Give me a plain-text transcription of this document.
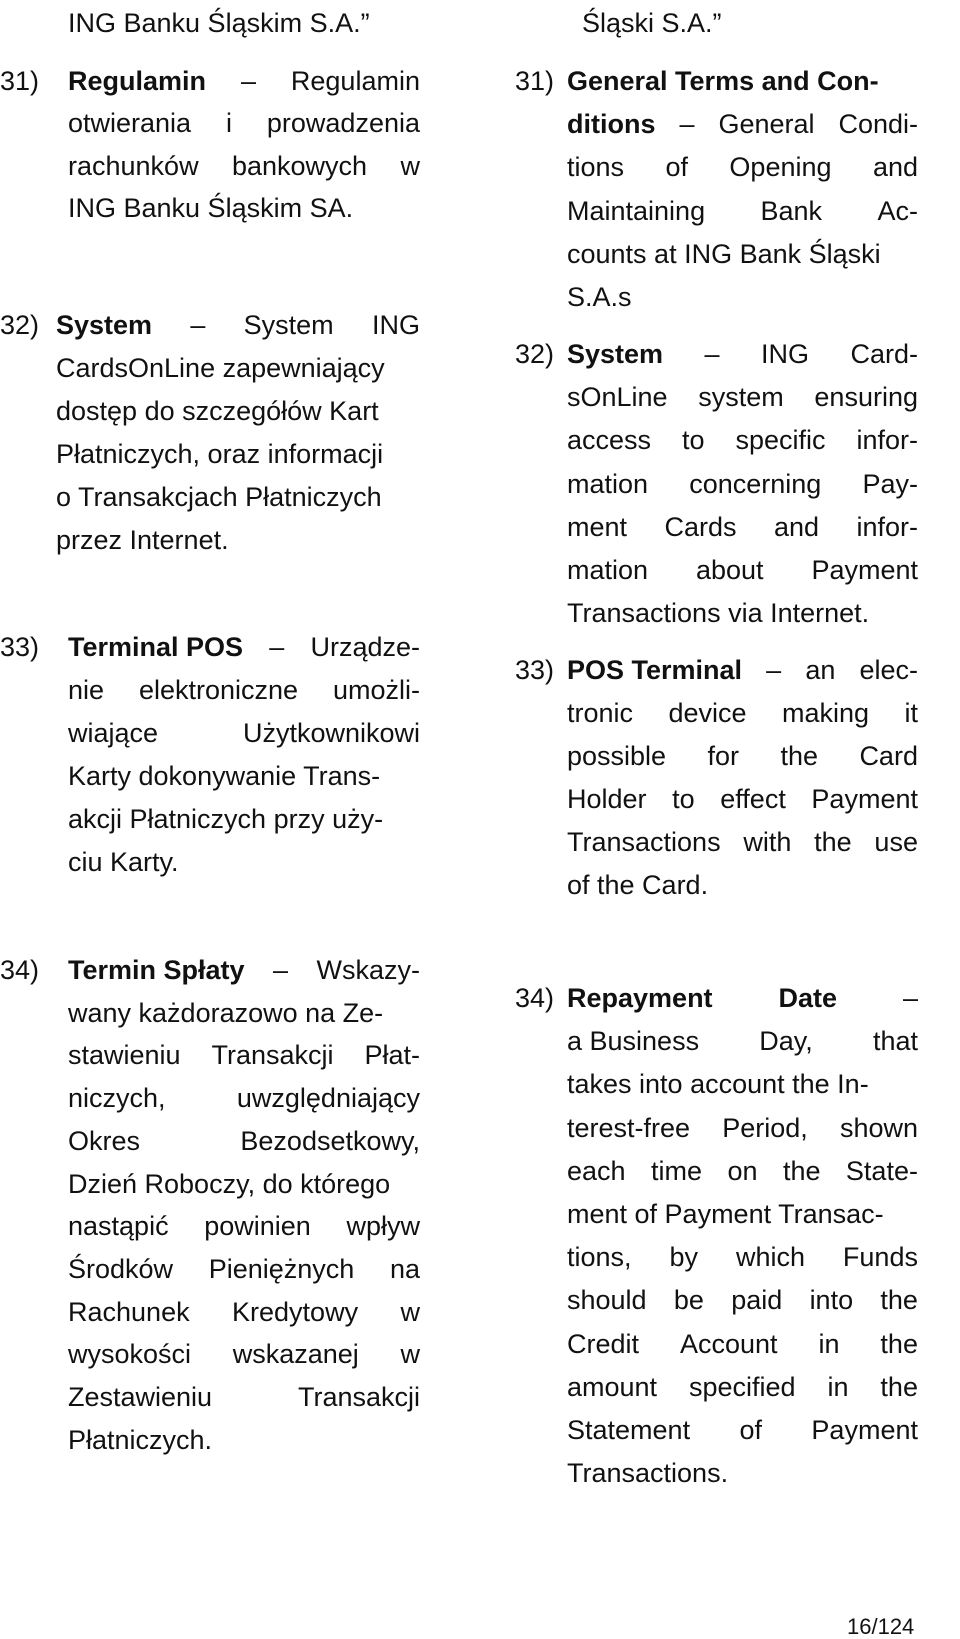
ING Banku Śląskim S.A.”
31) Regulamin – Regulamin
otwierania i prowadzenia
rachunków bankowych w
ING Banku Śląskim SA.
32) System – System ING
CardsOnLine zapewniający
dostęp do szczegółów Kart
Płatniczych, oraz informacji
o Transakcjach Płatniczych
przez Internet.
33) Terminal POS – Urządze-
nie elektroniczne umożli-
wiające	Użytkownikowi
Karty dokonywanie Trans-
akcji Płatniczych przy uży-
ciu Karty.
34) Termin Spłaty – Wskazy-
wany każdorazowo na Ze-
stawieniu Transakcji Płat-
niczych,	uwzględniający
Okres	Bezodsetkowy,
Dzień Roboczy, do którego
nastąpić powinien wpływ
Środków Pieniężnych na
Rachunek Kredytowy w
wysokości wskazanej w
Zestawieniu	Transakcji
Płatniczych.
Śląski S.A.”
31) General Terms and Con-
ditions – General Condi-
tions of Opening and
Maintaining Bank Ac-
counts at ING Bank Śląski
S.A.s
32) System – ING Card-
sOnLine system ensuring
access to specific infor-
mation concerning Pay-
ment Cards and infor-
mation about Payment
Transactions via Internet.
33) POS Terminal – an elec-
tronic device making it
possible for the Card
Holder to effect Payment
Transactions with the use
of the Card.
34) Repayment Date –
a Business Day, that
takes into account the In-
terest-free Period, shown
each time on the State-
ment of Payment Transac-
tions, by which Funds
should be paid into the
Credit Account in the
amount specified in the
Statement of Payment
Transactions.
16/124
